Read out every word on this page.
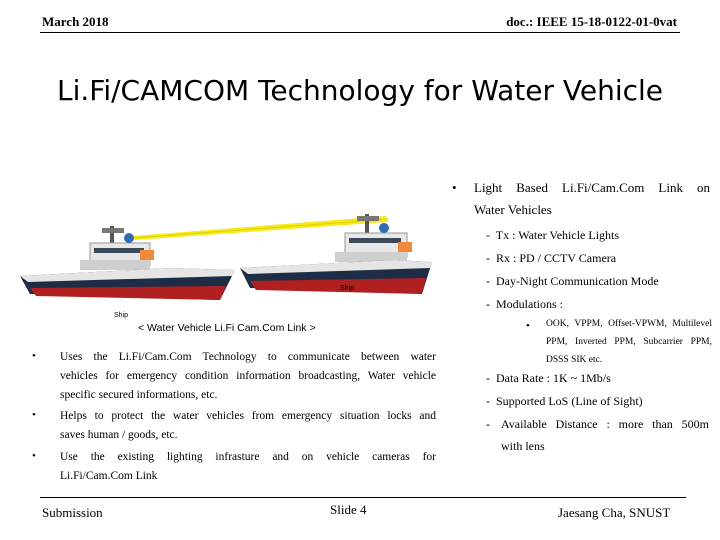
March 2018	doc.: IEEE 15-18-0122-01-0vat
Li.Fi/CAMCOM Technology for Water Vehicle
Ship
Ship
< Water Vehicle Li.Fi Cam.Com Link >
• Light Based Li.Fi/Cam.Com Link on
Water Vehicles
- Tx : Water Vehicle Lights
- Rx : PD / CCTV Camera
- Day-Night Communication Mode
- Modulations :
• OOK, VPPM, Offset-VPWM, Multilevel
PPM, Inverted PPM, Subcarrier PPM,
DSSS SIK etc.
- Data Rate : 1K ~ 1Mb/s
- Supported LoS (Line of Sight)
- Available Distance : more than 500m
with lens
• Uses the Li.Fi/Cam.Com Technology to communicate between water
vehicles for emergency condition information broadcasting, Water vehicle
specific secured informations, etc.
• Helps to protect the water vehicles from emergency situation locks and
saves human / goods, etc.
• Use the existing lighting infrasture and on vehicle cameras for
Li.Fi/Cam.Com Link
Submission	Slide 4	Jaesang Cha, SNUST
